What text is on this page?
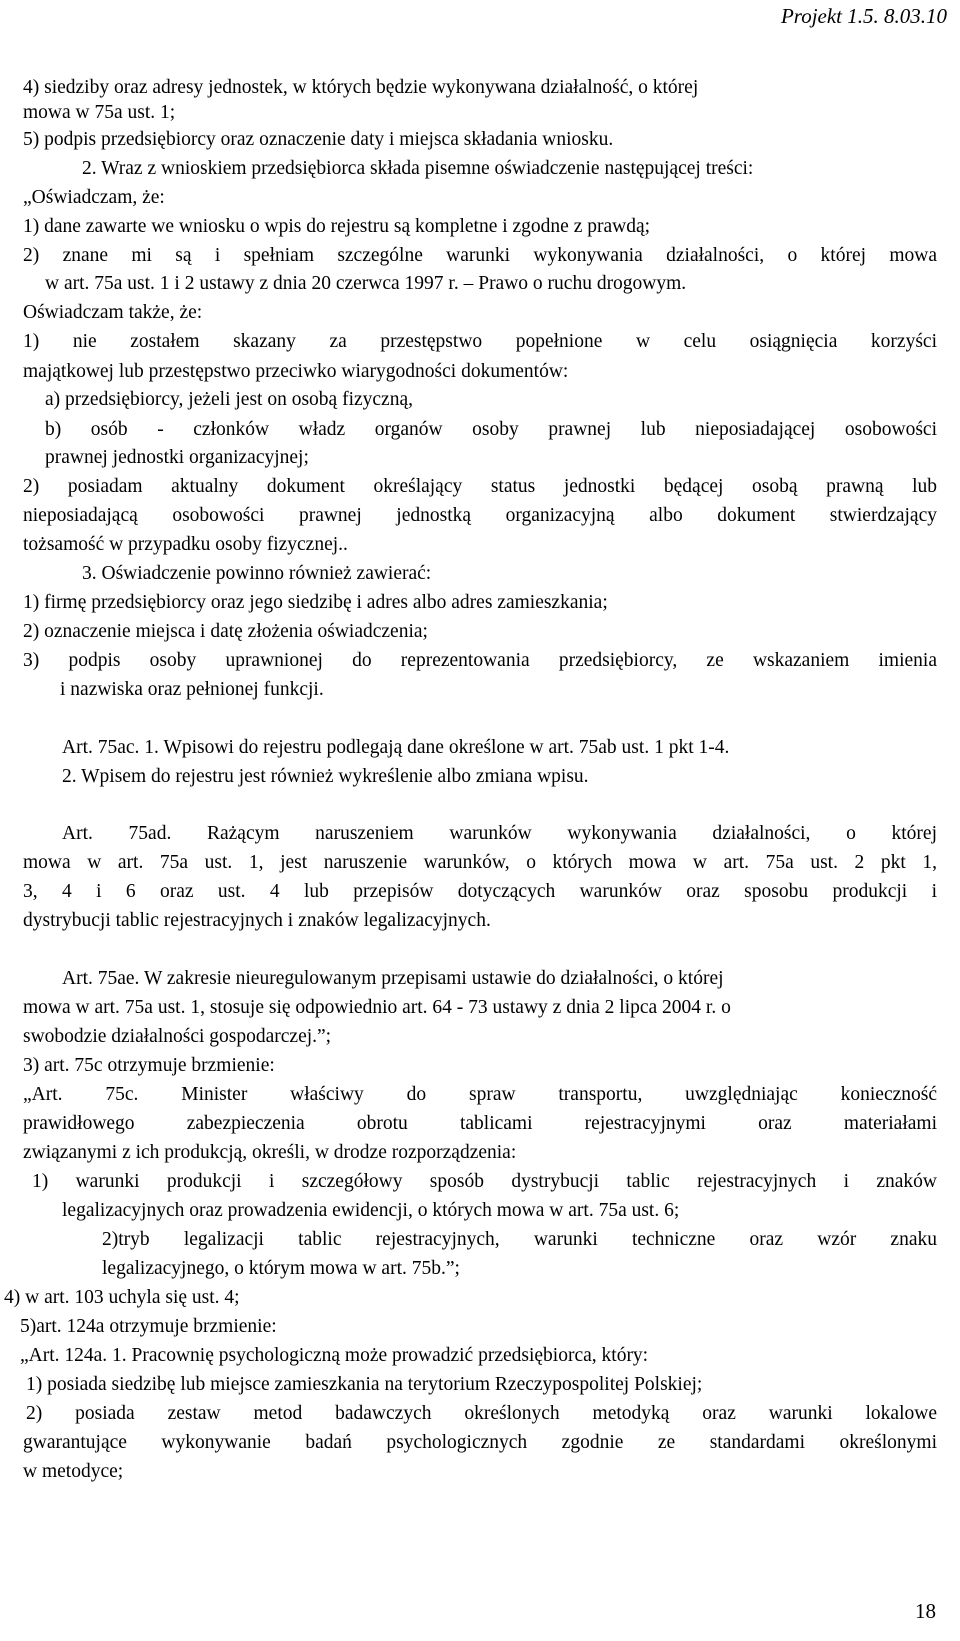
Projekt 1.5. 8.03.10
4) siedziby oraz adresy jednostek, w których będzie wykonywana działalność, o której
mowa w 75a ust. 1;
5) podpis przedsiębiorcy oraz oznaczenie daty i miejsca składania wniosku.
2. Wraz z wnioskiem przedsiębiorca składa pisemne oświadczenie następującej treści:
„Oświadczam, że:
1) dane zawarte we wniosku o wpis do rejestru są kompletne i zgodne z prawdą;
2) znane mi są i spełniam szczególne warunki wykonywania działalności, o której mowa
w art. 75a ust. 1 i 2 ustawy z dnia 20 czerwca 1997 r. – Prawo o ruchu drogowym.
Oświadczam także, że:
1) nie zostałem skazany za przestępstwo popełnione w celu osiągnięcia korzyści
majątkowej lub przestępstwo przeciwko wiarygodności dokumentów:
a) przedsiębiorcy, jeżeli jest on osobą fizyczną,
b) osób - członków władz organów osoby prawnej lub nieposiadającej osobowości
prawnej jednostki organizacyjnej;
2) posiadam aktualny dokument określający status jednostki będącej osobą prawną lub
nieposiadającą osobowości prawnej jednostką organizacyjną albo dokument stwierdzający
tożsamość w przypadku osoby fizycznej..
3. Oświadczenie powinno również zawierać:
1) firmę przedsiębiorcy oraz jego siedzibę i adres albo adres zamieszkania;
2) oznaczenie miejsca i datę złożenia oświadczenia;
3) podpis osoby uprawnionej do reprezentowania przedsiębiorcy, ze wskazaniem imienia
i nazwiska oraz pełnionej funkcji.
Art. 75ac. 1. Wpisowi do rejestru podlegają dane określone w art. 75ab ust. 1 pkt 1-4.
2. Wpisem do rejestru jest również wykreślenie albo zmiana wpisu.
Art. 75ad. Rażącym naruszeniem warunków wykonywania działalności, o której
mowa w art. 75a ust. 1, jest naruszenie warunków, o których mowa w art. 75a ust. 2 pkt 1,
3, 4 i 6 oraz ust. 4 lub przepisów dotyczących warunków oraz sposobu produkcji i
dystrybucji tablic rejestracyjnych i znaków legalizacyjnych.
Art. 75ae. W zakresie nieuregulowanym przepisami ustawie do działalności, o której
mowa w art. 75a ust. 1, stosuje się odpowiednio art. 64 - 73 ustawy z dnia 2 lipca 2004 r. o
swobodzie działalności gospodarczej.”;
3) art. 75c otrzymuje brzmienie:
„Art. 75c. Minister właściwy do spraw transportu, uwzględniając konieczność
prawidłowego zabezpieczenia obrotu tablicami rejestracyjnymi oraz materiałami
związanymi z ich produkcją, określi, w drodze rozporządzenia:
1) warunki produkcji i szczegółowy sposób dystrybucji tablic rejestracyjnych i znaków
legalizacyjnych oraz prowadzenia ewidencji, o których mowa w art. 75a ust. 6;
2)tryb legalizacji tablic rejestracyjnych, warunki techniczne oraz wzór znaku
legalizacyjnego, o którym mowa w art. 75b.”;
4) w art. 103 uchyla się ust. 4;
5)art. 124a otrzymuje brzmienie:
„Art. 124a. 1. Pracownię psychologiczną może prowadzić przedsiębiorca, który:
1) posiada siedzibę lub miejsce zamieszkania na terytorium Rzeczypospolitej Polskiej;
2) posiada zestaw metod badawczych określonych metodyką oraz warunki lokalowe
gwarantujące wykonywanie badań psychologicznych zgodnie ze standardami określonymi
w metodyce;
18
